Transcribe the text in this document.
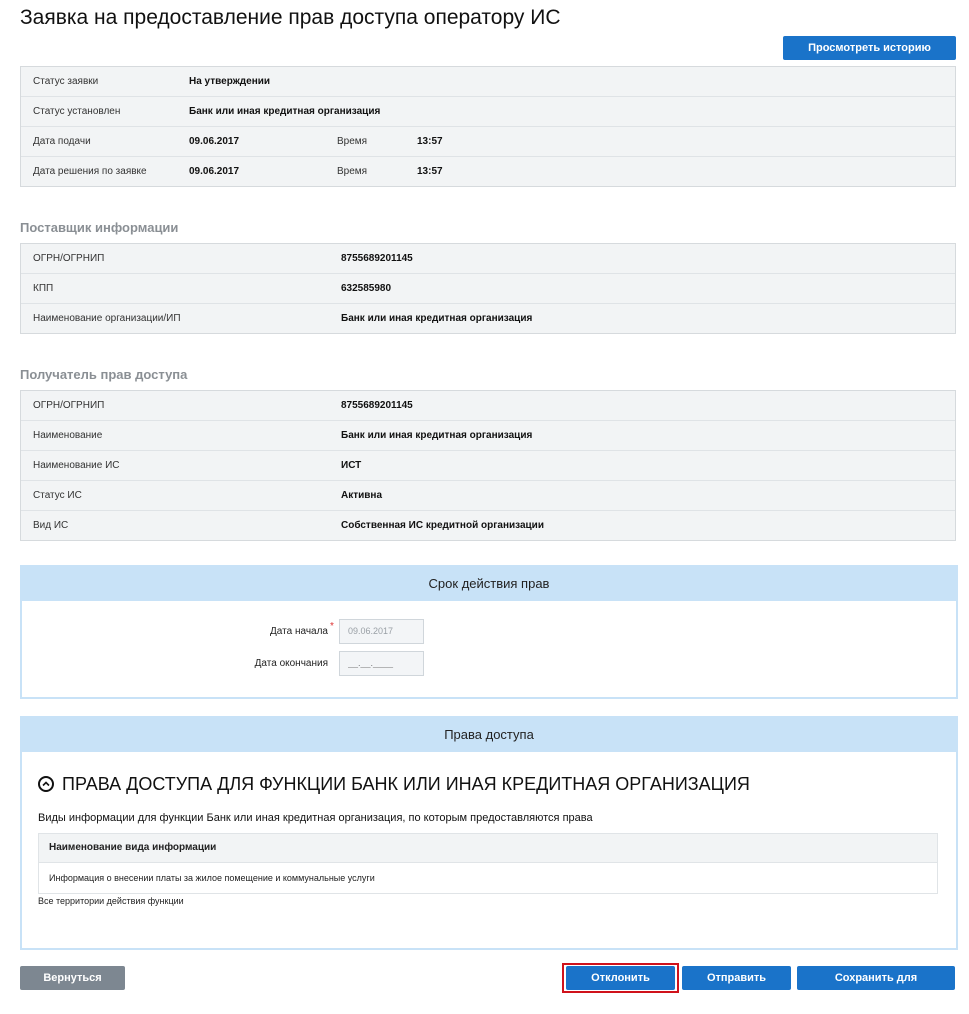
Заявка на предоставление прав доступа оператору ИС
Просмотреть историю
Статус заявки	На утверждении
Статус установлен	Банк или иная кредитная организация
Дата подачи	09.06.2017	Время	13:57
Дата решения по заявке	09.06.2017	Время	13:57
Поставщик информации
ОГРН/ОГРНИП	8755689201145
КПП	632585980
Наименование организации/ИП	Банк или иная кредитная организация
Получатель прав доступа
ОГРН/ОГРНИП	8755689201145
Наименование	Банк или иная кредитная организация
Наименование ИС	ИСТ
Статус ИС	Активна
Вид ИС	Собственная ИС кредитной организации
Срок действия прав
Дата начала *
09.06.2017
Дата окончания
__.__.____
Права доступа
ПРАВА ДОСТУПА ДЛЯ ФУНКЦИИ БАНК ИЛИ ИНАЯ КРЕДИТНАЯ ОРГАНИЗАЦИЯ
Виды информации для функции Банк или иная кредитная организация, по которым предоставляются права
Наименование вида информации
Информация о внесении платы за жилое помещение и коммунальные услуги
Все территории действия функции
Вернуться назад
Отклонить заявку
Отправить заявку
Сохранить для утверждения
